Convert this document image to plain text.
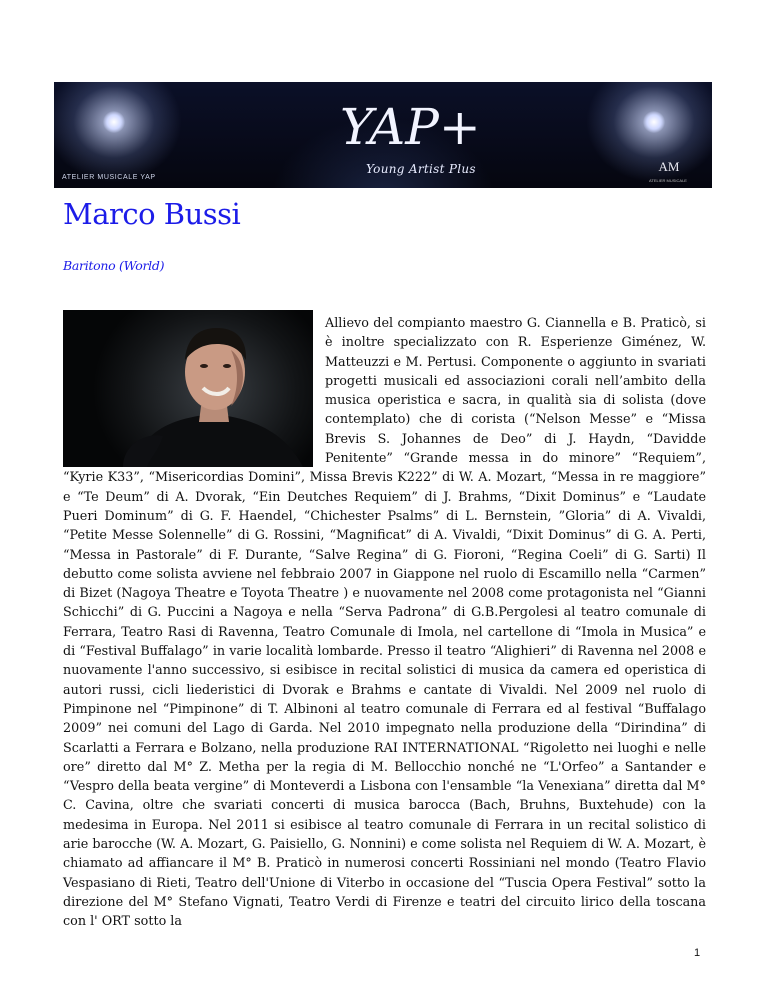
YAP+
Young Artist Plus
ATELIER MUSICALE YAP
AM
ATELIER MUSICALE
Marco Bussi
Baritono (World)
Allievo del compianto maestro G. Ciannella e B. Praticò, si è inoltre specializzato con R. Esperienze Giménez, W. Matteuzzi e M. Pertusi. Componente o aggiunto in svariati progetti musicali ed associazioni corali nell’ambito della musica operistica e sacra, in qualità sia di solista (dove contemplato) che di corista (“Nelson Messe” e “Missa Brevis S. Johannes de Deo” di J. Haydn, “Davidde Penitente” “Grande messa in do minore” “Requiem”, “Kyrie K33”, “Misericordias Domini”, Missa Brevis K222” di W. A. Mozart, “Messa in re maggiore” e “Te Deum” di A. Dvorak, “Ein Deutches Requiem” di J. Brahms, “Dixit Dominus” e “Laudate Pueri Dominum” di G. F. Haendel, “Chichester Psalms” di L. Bernstein, ”Gloria” di A. Vivaldi, “Petite Messe Solennelle” di G. Rossini, “Magnificat” di A. Vivaldi, “Dixit Dominus” di G. A. Perti, “Messa in Pastorale” di F. Durante, “Salve Regina” di G. Fioroni, “Regina Coeli” di G. Sarti) Il debutto come solista avviene nel febbraio 2007 in Giappone nel ruolo di Escamillo nella “Carmen” di Bizet (Nagoya Theatre e Toyota Theatre ) e nuovamente nel 2008 come protagonista nel “Gianni Schicchi” di G. Puccini a Nagoya e nella “Serva Padrona” di G.B.Pergolesi al teatro comunale di Ferrara, Teatro Rasi di Ravenna, Teatro Comunale di Imola, nel cartellone di “Imola in Musica” e di “Festival Buffalago” in varie località lombarde. Presso il teatro “Alighieri” di Ravenna nel 2008 e nuovamente l'anno successivo, si esibisce in recital solistici di musica da camera ed operistica di autori russi, cicli liederistici di Dvorak e Brahms e cantate di Vivaldi. Nel 2009 nel ruolo di Pimpinone nel “Pimpinone” di T. Albinoni al teatro comunale di Ferrara ed al festival “Buffalago 2009” nei comuni del Lago di Garda. Nel 2010 impegnato nella produzione della “Dirindina” di Scarlatti a Ferrara e Bolzano, nella produzione RAI INTERNATIONAL “Rigoletto nei luoghi e nelle ore” diretto dal M° Z. Metha per la regia di M. Bellocchio nonché ne “L'Orfeo” a Santander e “Vespro della beata vergine” di Monteverdi a Lisbona con l'ensamble “la Venexiana” diretta dal M° C. Cavina, oltre che svariati concerti di musica barocca (Bach, Bruhns, Buxtehude) con la medesima in Europa. Nel 2011 si esibisce al teatro comunale di Ferrara in un recital solistico di arie barocche (W. A. Mozart, G. Paisiello, G. Nonnini) e come solista nel Requiem di W. A. Mozart, è chiamato ad affiancare il M° B. Praticò in numerosi concerti Rossiniani nel mondo (Teatro Flavio Vespasiano di Rieti, Teatro dell'Unione di Viterbo in occasione del “Tuscia Opera Festival” sotto la direzione del M° Stefano Vignati, Teatro Verdi di Firenze e teatri del circuito lirico della toscana con l' ORT sotto la
1
